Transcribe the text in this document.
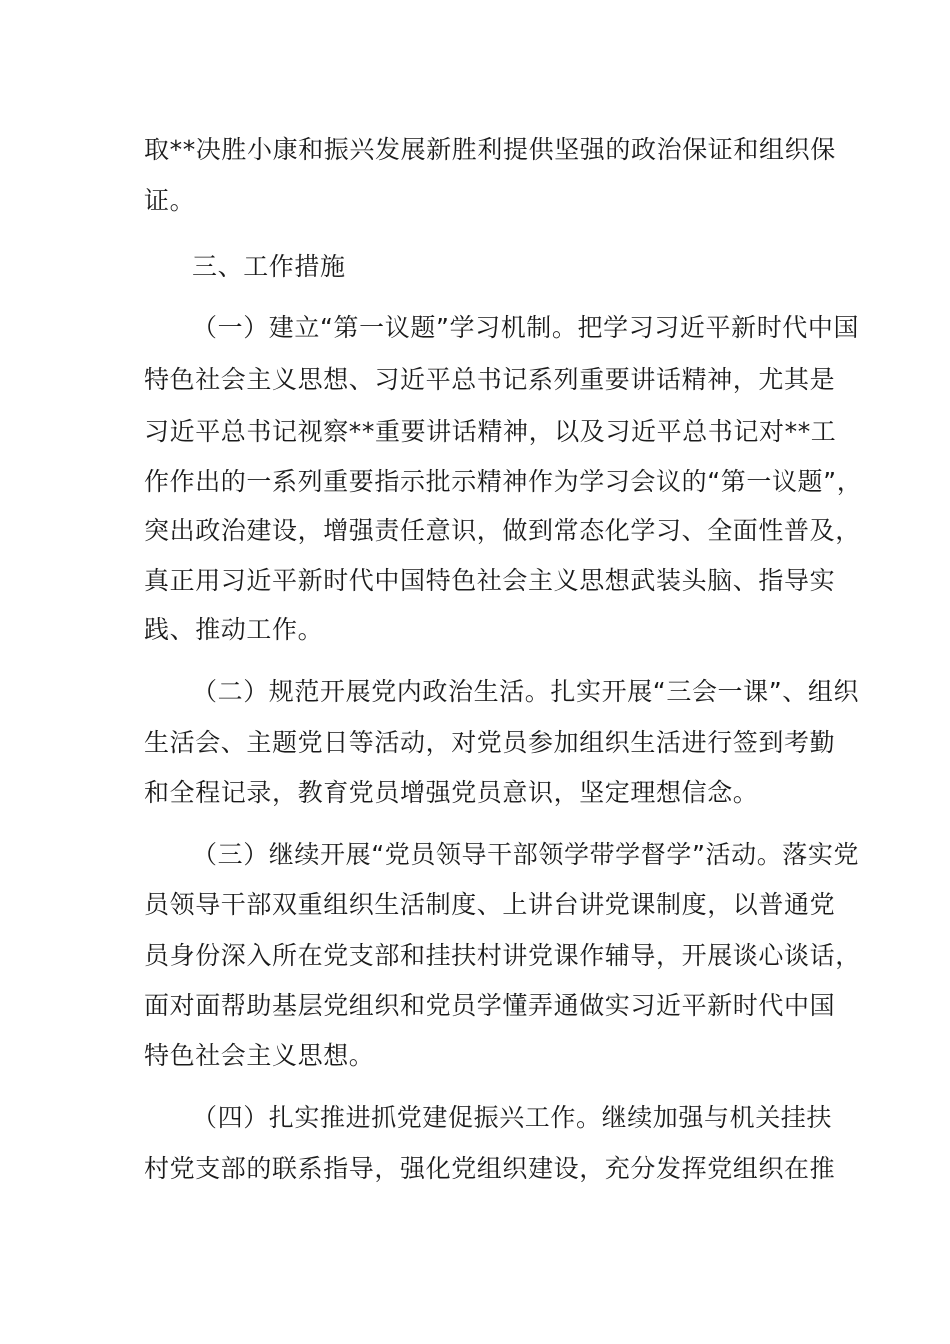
取**决胜小康和振兴发展新胜利提供坚强的政治保证和组织保
证。
三、工作措施
（一）建立“第一议题”学习机制。把学习习近平新时代中国
特色社会主义思想、习近平总书记系列重要讲话精神，尤其是
习近平总书记视察**重要讲话精神，以及习近平总书记对**工
作作出的一系列重要指示批示精神作为学习会议的“第一议题”，
突出政治建设，增强责任意识，做到常态化学习、全面性普及，
真正用习近平新时代中国特色社会主义思想武装头脑、指导实
践、推动工作。
（二）规范开展党内政治生活。扎实开展“三会一课”、组织
生活会、主题党日等活动，对党员参加组织生活进行签到考勤
和全程记录，教育党员增强党员意识，坚定理想信念。
（三）继续开展“党员领导干部领学带学督学”活动。落实党
员领导干部双重组织生活制度、上讲台讲党课制度，以普通党
员身份深入所在党支部和挂扶村讲党课作辅导，开展谈心谈话，
面对面帮助基层党组织和党员学懂弄通做实习近平新时代中国
特色社会主义思想。
（四）扎实推进抓党建促振兴工作。继续加强与机关挂扶
村党支部的联系指导，强化党组织建设，充分发挥党组织在推
